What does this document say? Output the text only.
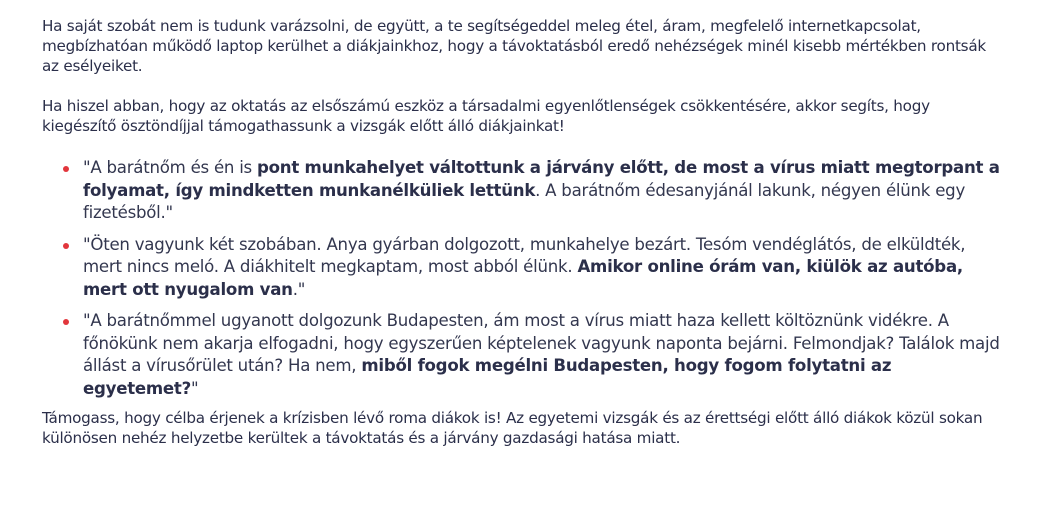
Ha saját szobát nem is tudunk varázsolni, de együtt, a te segítségeddel meleg étel, áram, megfelelő internetkapcsolat, megbízhatóan működő laptop kerülhet a diákjainkhoz, hogy a távoktatásból eredő nehézségek minél kisebb mértékben rontsák az esélyeiket.

Ha hiszel abban, hogy az oktatás az elsőszámú eszköz a társadalmi egyenlőtlenségek csökkentésére, akkor segíts, hogy kiegészítő ösztöndíjjal támogathassunk a vizsgák előtt álló diákjainkat!

"A barátnőm és én is pont munkahelyet váltottunk a járvány előtt, de most a vírus miatt megtorpant a folyamat, így mindketten munkanélküliek lettünk. A barátnőm édesanyjánál lakunk, négyen élünk egy fizetésből."
"Öten vagyunk két szobában. Anya gyárban dolgozott, munkahelye bezárt. Tesóm vendéglátós, de elküldték, mert nincs meló. A diákhitelt megkaptam, most abból élünk. Amikor online órám van, kiülök az autóba, mert ott nyugalom van."
"A barátnőmmel ugyanott dolgozunk Budapesten, ám most a vírus miatt haza kellett költöznünk vidékre. A főnökünk nem akarja elfogadni, hogy egyszerűen képtelenek vagyunk naponta bejárni. Felmondjak? Találok majd állást a vírusőrület után? Ha nem, miből fogok megélni Budapesten, hogy fogom folytatni az egyetemet?"

Támogass, hogy célba érjenek a krízisben lévő roma diákok is! Az egyetemi vizsgák és az érettségi előtt álló diákok közül sokan különösen nehéz helyzetbe kerültek a távoktatás és a járvány gazdasági hatása miatt.
